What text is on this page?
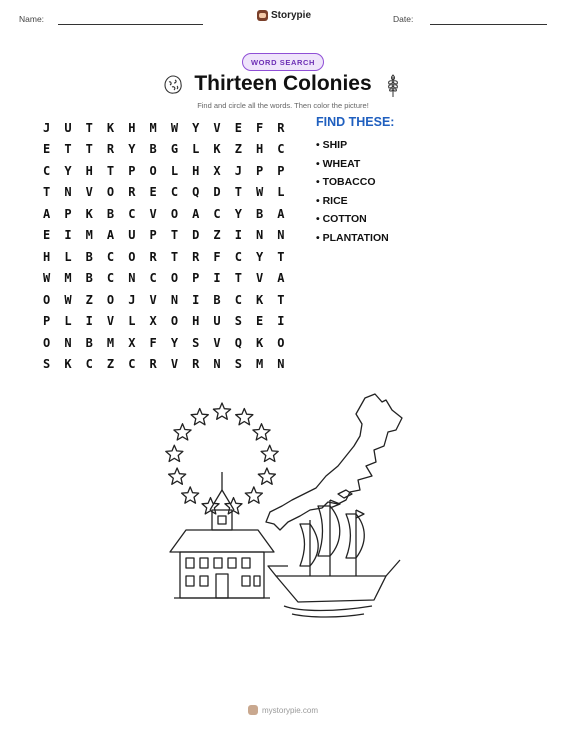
Name:	Storypie	Date:
WORD SEARCH
Thirteen Colonies
Find and circle all the words. Then color the picture!
J	U	T	K	H	M	W	Y	V	E	F	R
E	T	T	R	Y	B	G	L	K	Z	H	C
C	Y	H	T	P	O	L	H	X	J	P	P
T	N	V	O	R	E	C	Q	D	T	W	L
A	P	K	B	C	V	O	A	C	Y	B	A
E	I	M	A	U	P	T	D	Z	I	N	N
H	L	B	C	O	R	T	R	F	C	Y	T
W	M	B	C	N	C	O	P	I	T	V	A
O	W	Z	O	J	V	N	I	B	C	K	T
P	L	I	V	L	X	O	H	U	S	E	I
O	N	B	M	X	F	Y	S	V	Q	K	O
S	K	C	Z	C	R	V	R	N	S	M	N
FIND THESE:
• SHIP
• WHEAT
• TOBACCO
• RICE
• COTTON
• PLANTATION
mystorypie.com
